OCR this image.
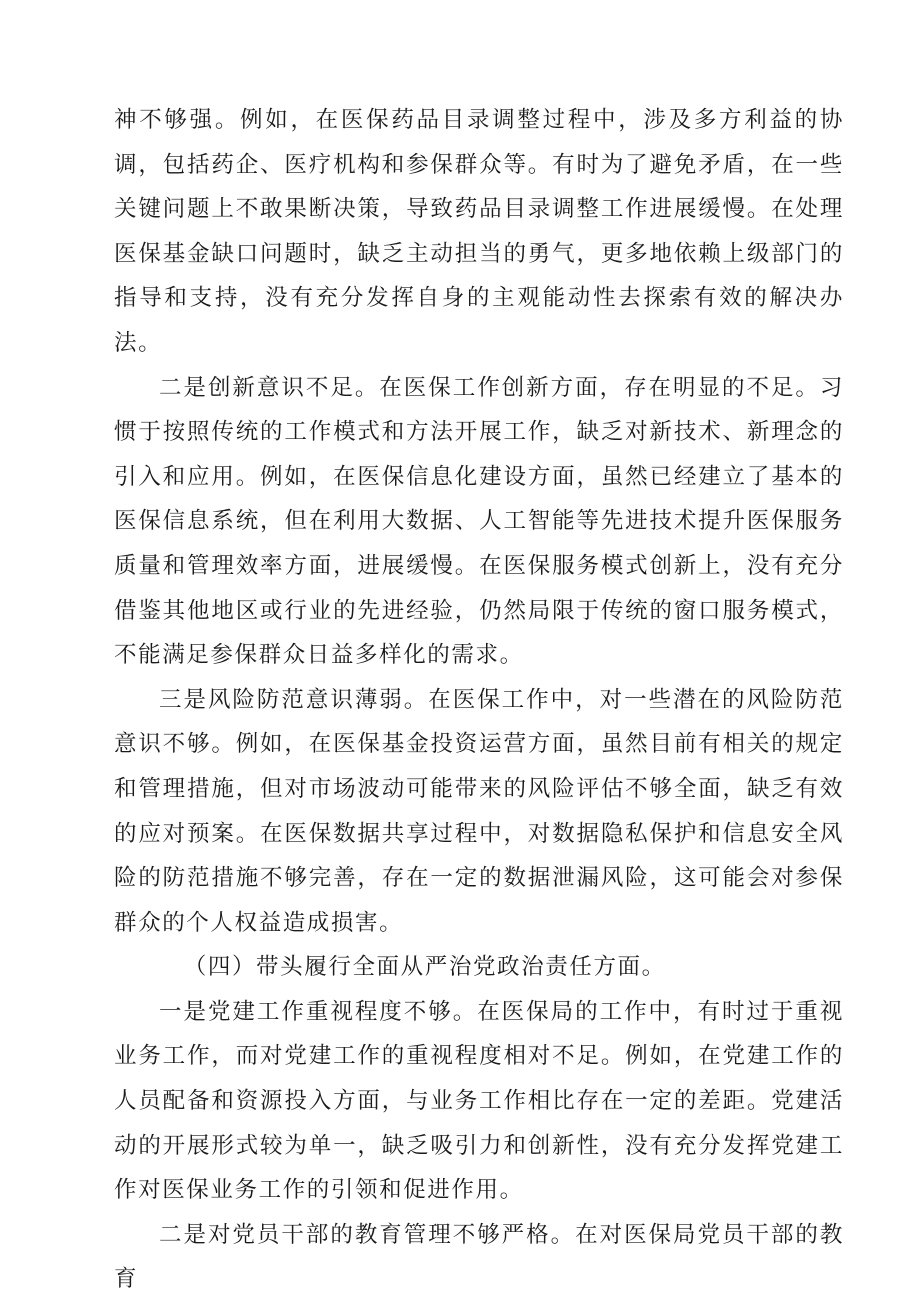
神不够强。例如，在医保药品目录调整过程中，涉及多方利益的协调，包括药企、医疗机构和参保群众等。有时为了避免矛盾，在一些关键问题上不敢果断决策，导致药品目录调整工作进展缓慢。在处理医保基金缺口问题时，缺乏主动担当的勇气，更多地依赖上级部门的指导和支持，没有充分发挥自身的主观能动性去探索有效的解决办法。

二是创新意识不足。在医保工作创新方面，存在明显的不足。习惯于按照传统的工作模式和方法开展工作，缺乏对新技术、新理念的引入和应用。例如，在医保信息化建设方面，虽然已经建立了基本的医保信息系统，但在利用大数据、人工智能等先进技术提升医保服务质量和管理效率方面，进展缓慢。在医保服务模式创新上，没有充分借鉴其他地区或行业的先进经验，仍然局限于传统的窗口服务模式，不能满足参保群众日益多样化的需求。

三是风险防范意识薄弱。在医保工作中，对一些潜在的风险防范意识不够。例如，在医保基金投资运营方面，虽然目前有相关的规定和管理措施，但对市场波动可能带来的风险评估不够全面，缺乏有效的应对预案。在医保数据共享过程中，对数据隐私保护和信息安全风险的防范措施不够完善，存在一定的数据泄漏风险，这可能会对参保群众的个人权益造成损害。

（四）带头履行全面从严治党政治责任方面。

一是党建工作重视程度不够。在医保局的工作中，有时过于重视业务工作，而对党建工作的重视程度相对不足。例如，在党建工作的人员配备和资源投入方面，与业务工作相比存在一定的差距。党建活动的开展形式较为单一，缺乏吸引力和创新性，没有充分发挥党建工作对医保业务工作的引领和促进作用。

二是对党员干部的教育管理不够严格。在对医保局党员干部的教育
